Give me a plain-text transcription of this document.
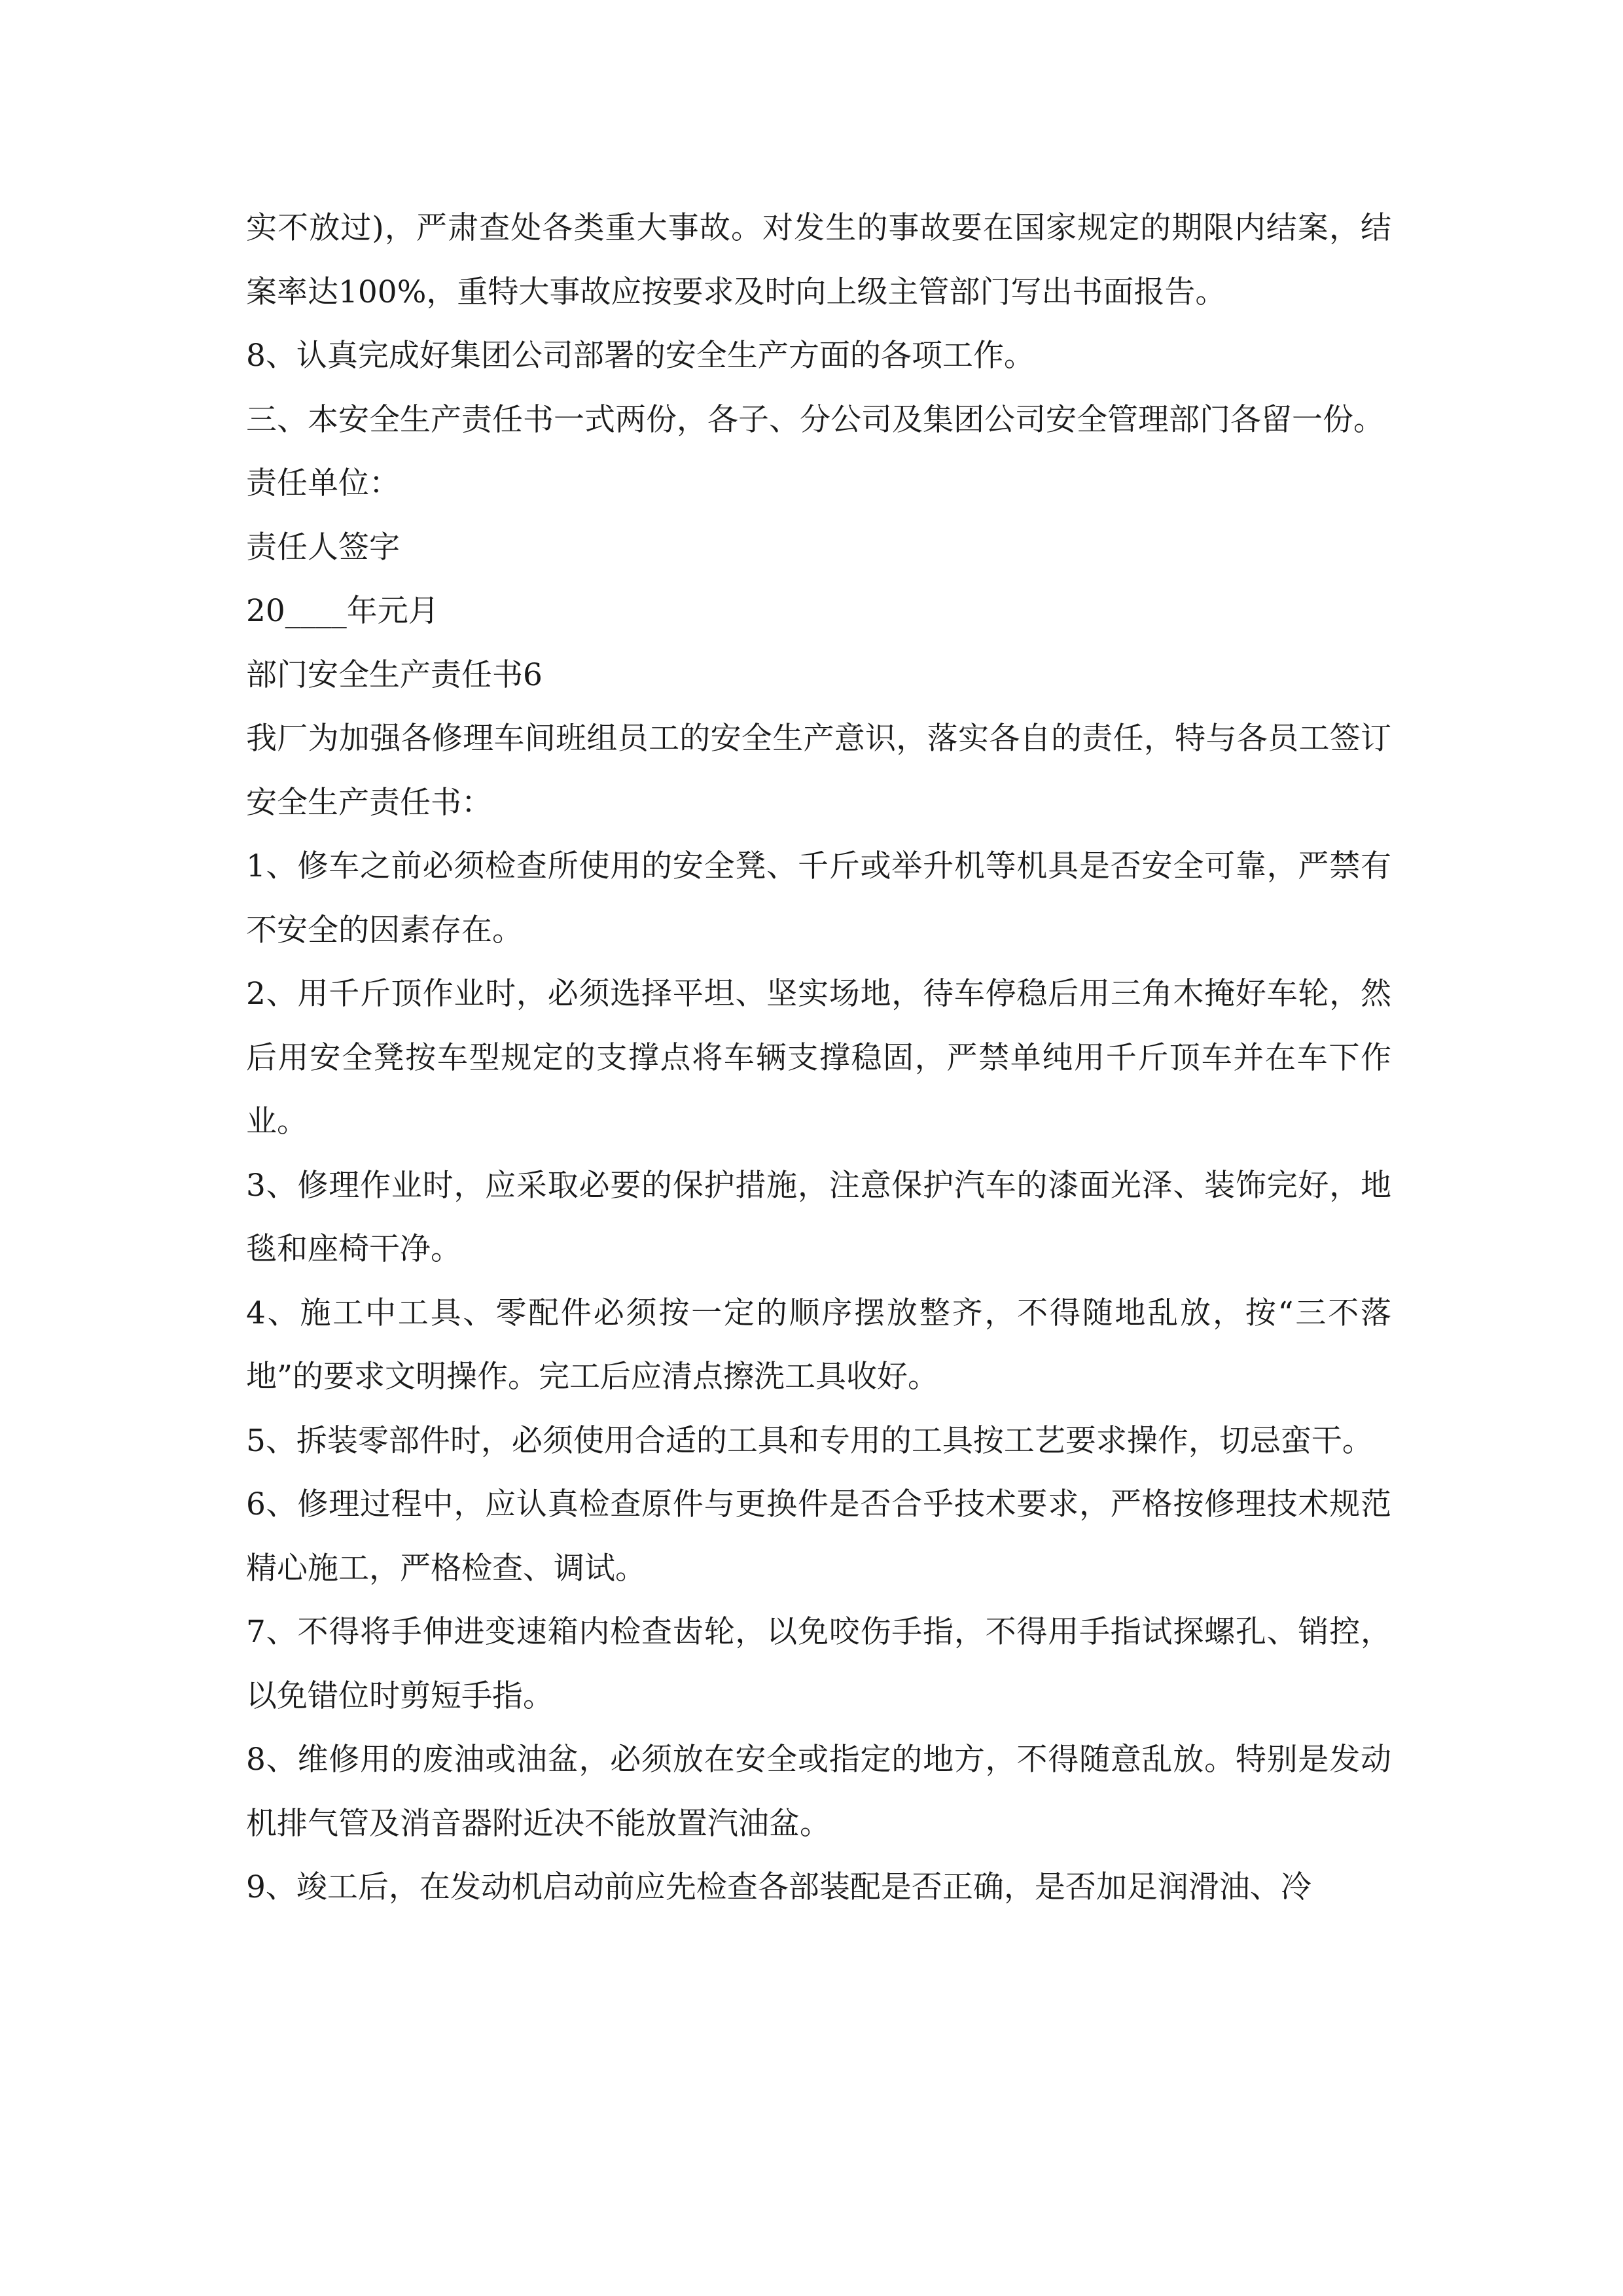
实不放过)，严肃查处各类重大事故。对发生的事故要在国家规定的期限内结案，结案率达100%，重特大事故应按要求及时向上级主管部门写出书面报告。

8、认真完成好集团公司部署的安全生产方面的各项工作。

三、本安全生产责任书一式两份，各子、分公司及集团公司安全管理部门各留一份。

责任单位：

责任人签字

20____年元月

部门安全生产责任书6

我厂为加强各修理车间班组员工的安全生产意识，落实各自的责任，特与各员工签订安全生产责任书：

1、修车之前必须检查所使用的安全凳、千斤或举升机等机具是否安全可靠，严禁有不安全的因素存在。

2、用千斤顶作业时，必须选择平坦、坚实场地，待车停稳后用三角木掩好车轮，然后用安全凳按车型规定的支撑点将车辆支撑稳固，严禁单纯用千斤顶车并在车下作业。

3、修理作业时，应采取必要的保护措施，注意保护汽车的漆面光泽、装饰完好，地毯和座椅干净。

4、施工中工具、零配件必须按一定的顺序摆放整齐，不得随地乱放，按“三不落地”的要求文明操作。完工后应清点擦洗工具收好。

5、拆装零部件时，必须使用合适的工具和专用的工具按工艺要求操作，切忌蛮干。

6、修理过程中，应认真检查原件与更换件是否合乎技术要求，严格按修理技术规范精心施工，严格检查、调试。

7、不得将手伸进变速箱内检查齿轮，以免咬伤手指，不得用手指试探螺孔、销控，以免错位时剪短手指。

8、维修用的废油或油盆，必须放在安全或指定的地方，不得随意乱放。特别是发动机排气管及消音器附近决不能放置汽油盆。

9、竣工后，在发动机启动前应先检查各部装配是否正确，是否加足润滑油、冷
